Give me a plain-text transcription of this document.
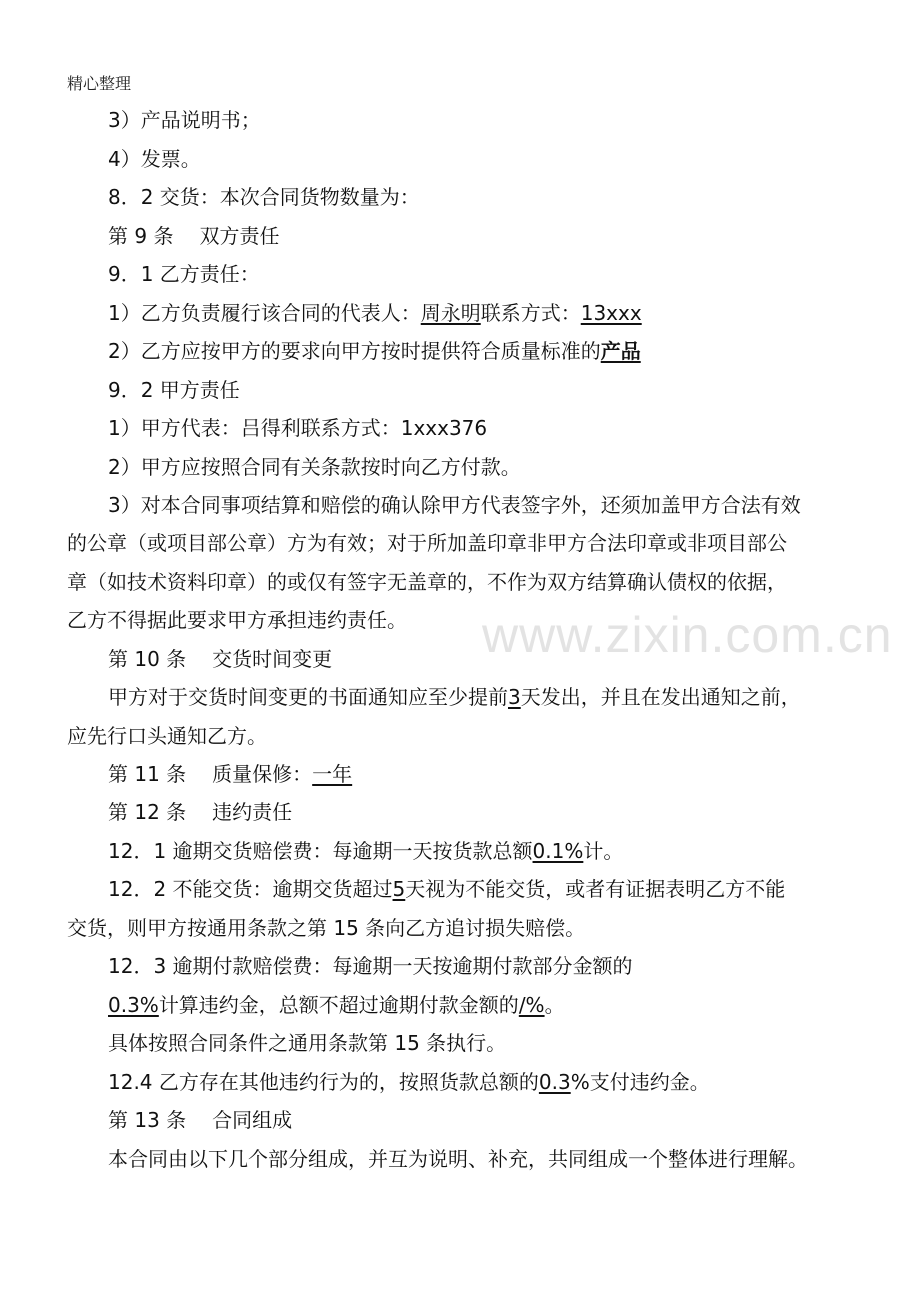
精心整理
www.zixin.com.cn
3）产品说明书；
4）发票。
8．2 交货：本次合同货物数量为：
第 9 条 双方责任
9．1 乙方责任：
1）乙方负责履行该合同的代表人：周永明联系方式：13xxx
2）乙方应按甲方的要求向甲方按时提供符合质量标准的产品
9．2 甲方责任
1）甲方代表：吕得利联系方式：1xxx376
2）甲方应按照合同有关条款按时向乙方付款。
3）对本合同事项结算和赔偿的确认除甲方代表签字外，还须加盖甲方合法有效
的公章（或项目部公章）方为有效；对于所加盖印章非甲方合法印章或非项目部公
章（如技术资料印章）的或仅有签字无盖章的，不作为双方结算确认债权的依据，
乙方不得据此要求甲方承担违约责任。
第 10 条 交货时间变更
甲方对于交货时间变更的书面通知应至少提前3天发出，并且在发出通知之前，
应先行口头通知乙方。
第 11 条 质量保修：一年
第 12 条 违约责任
12．1 逾期交货赔偿费：每逾期一天按货款总额0.1%计。
12．2 不能交货：逾期交货超过5天视为不能交货，或者有证据表明乙方不能
交货，则甲方按通用条款之第 15 条向乙方追讨损失赔偿。
12．3 逾期付款赔偿费：每逾期一天按逾期付款部分金额的
0.3%计算违约金，总额不超过逾期付款金额的/%。
具体按照合同条件之通用条款第 15 条执行。
12.4 乙方存在其他违约行为的，按照货款总额的0.3%支付违约金。
第 13 条 合同组成
本合同由以下几个部分组成，并互为说明、补充，共同组成一个整体进行理解。
